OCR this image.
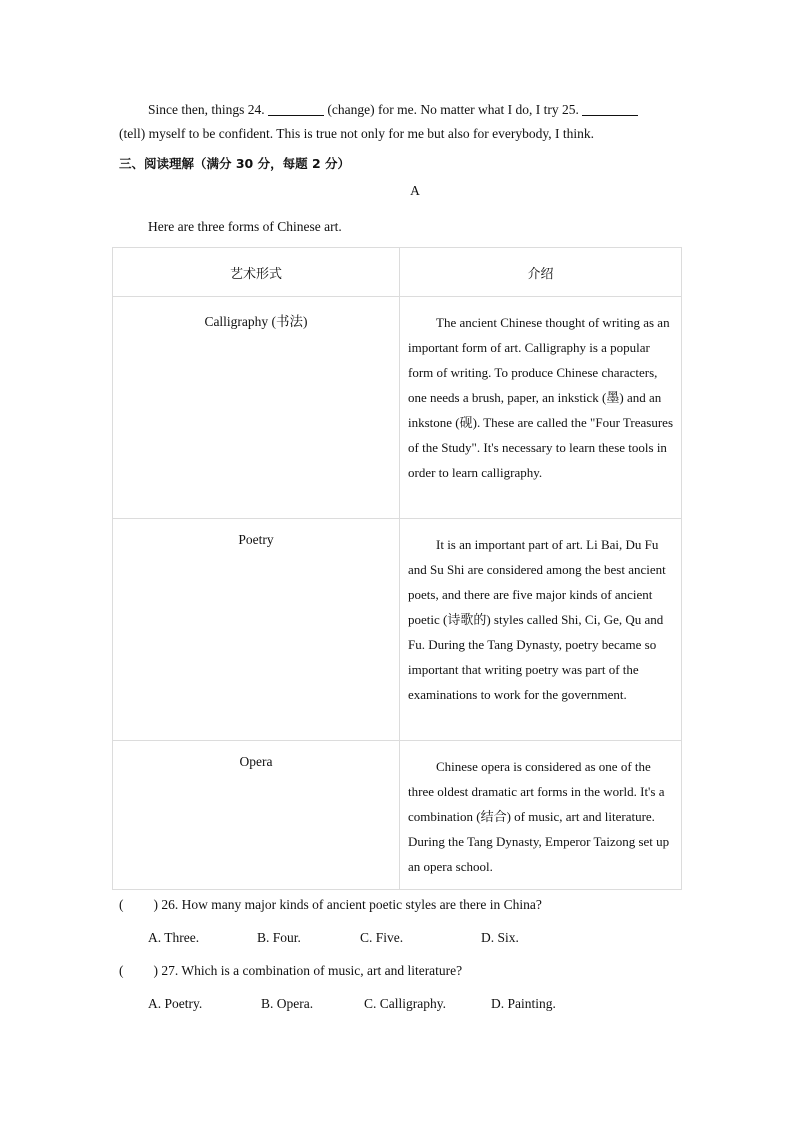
Since then, things 24.	(change) for me. No matter what I do, I try 25.
(tell) myself to be confident. This is true not only for me but also for everybody, I think.
三、阅读理解（满分 30 分，每题 2 分）
A
Here are three forms of Chinese art.
艺术形式	介绍
Calligraphy (书法)	The ancient Chinese thought of writing as an important form of art. Calligraphy is a popular form of writing. To produce Chinese characters, one needs a brush, paper, an inkstick (墨) and an inkstone (砚). These are called the "Four Treasures of the Study". It's necessary to learn these tools in order to learn calligraphy.
Poetry	It is an important part of art. Li Bai, Du Fu and Su Shi are considered among the best ancient poets, and there are five major kinds of ancient poetic (诗歌的) styles called Shi, Ci, Ge, Qu and Fu. During the Tang Dynasty, poetry became so important that writing poetry was part of the examinations to work for the government.
Opera	Chinese opera is considered as one of the three oldest dramatic art forms in the world. It's a combination (结合) of music, art and literature. During the Tang Dynasty, Emperor Taizong set up an opera school.
( ) 26. How many major kinds of ancient poetic styles are there in China?
A. Three.	B. Four.	C. Five.	D. Six.
( ) 27. Which is a combination of music, art and literature?
A. Poetry.	B. Opera.	C. Calligraphy.	D. Painting.
